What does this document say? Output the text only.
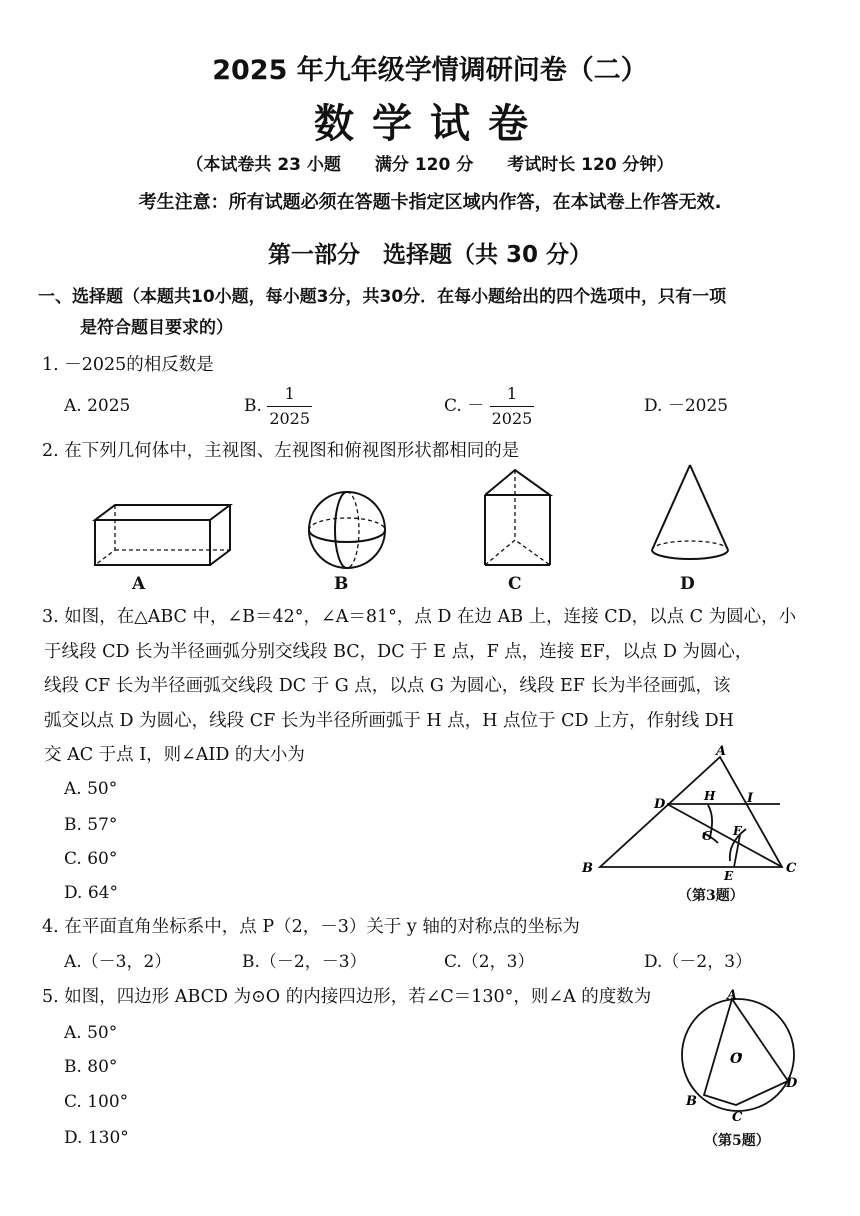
2025 年九年级学情调研问卷（二）
数学试卷
（本试卷共 23 小题　　满分 120 分　　考试时长 120 分钟）
考生注意：所有试题必须在答题卡指定区域内作答，在本试卷上作答无效.
第一部分　选择题（共 30 分）
一、选择题（本题共10小题，每小题3分，共30分．在每小题给出的四个选项中，只有一项
是符合题目要求的）
1. －2025的相反数是
A. 2025	B. $\frac{1}{2025}$	C. － $\frac{1}{2025}$	D. －2025
2. 在下列几何体中，主视图、左视图和俯视图形状都相同的是
A	B	C	D
3. 如图，在△ABC 中，∠B＝42°，∠A＝81°，点 D 在边 AB 上，连接 CD，以点 C 为圆心，小
于线段 CD 长为半径画弧分别交线段 BC，DC 于 E 点，F 点，连接 EF，以点 D 为圆心，
线段 CF 长为半径画弧交线段 DC 于 G 点，以点 G 为圆心，线段 EF 长为半径画弧，该
弧交以点 D 为圆心，线段 CF 长为半径所画弧于 H 点，H 点位于 CD 上方，作射线 DH
交 AC 于点 I，则∠AID 的大小为
A. 50°
B. 57°
C. 60°
D. 64°
A
D
H I
G F
B	E	C
（第3题）
4. 在平面直角坐标系中，点 P（2，－3）关于 y 轴的对称点的坐标为
A.（－3，2）	B.（－2，－3）	C.（2，3）	D.（－2，3）
5. 如图，四边形 ABCD 为⊙O 的内接四边形，若∠C＝130°，则∠A 的度数为
A. 50°
B. 80°
C. 100°
D. 130°
A
O
B
C
D
（第5题）
